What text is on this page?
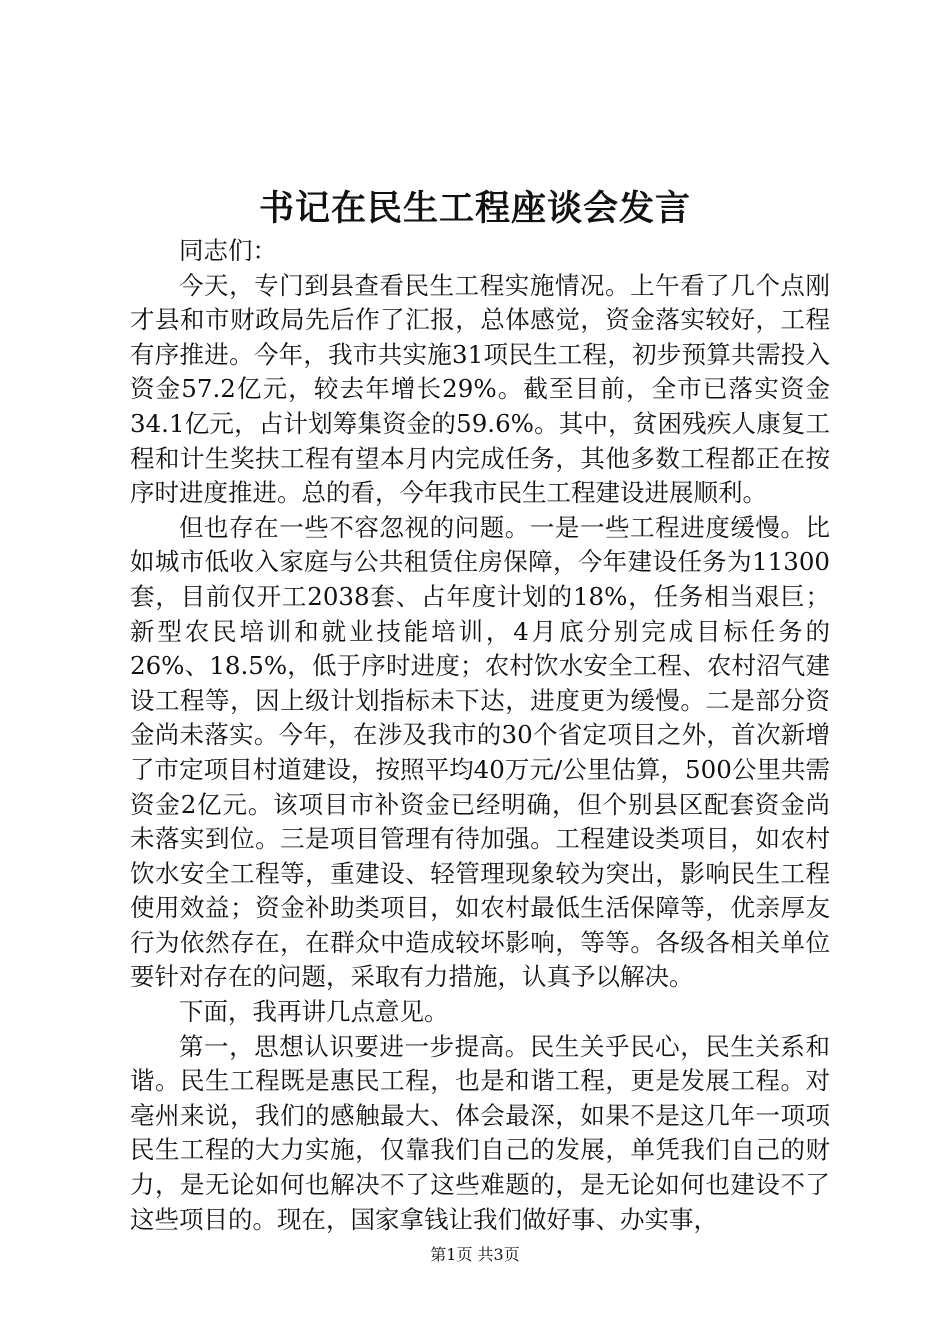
书记在民生工程座谈会发言

同志们：

今天，专门到县查看民生工程实施情况。上午看了几个点刚才县和市财政局先后作了汇报，总体感觉，资金落实较好，工程有序推进。今年，我市共实施31项民生工程，初步预算共需投入资金57.2亿元，较去年增长29%。截至目前，全市已落实资金34.1亿元，占计划筹集资金的59.6%。其中，贫困残疾人康复工程和计生奖扶工程有望本月内完成任务，其他多数工程都正在按序时进度推进。总的看，今年我市民生工程建设进展顺利。

但也存在一些不容忽视的问题。一是一些工程进度缓慢。比如城市低收入家庭与公共租赁住房保障，今年建设任务为11300套，目前仅开工2038套、占年度计划的18%，任务相当艰巨；新型农民培训和就业技能培训，4月底分别完成目标任务的26%、18.5%，低于序时进度；农村饮水安全工程、农村沼气建设工程等，因上级计划指标未下达，进度更为缓慢。二是部分资金尚未落实。今年，在涉及我市的30个省定项目之外，首次新增了市定项目村道建设，按照平均40万元/公里估算，500公里共需资金2亿元。该项目市补资金已经明确，但个别县区配套资金尚未落实到位。三是项目管理有待加强。工程建设类项目，如农村饮水安全工程等，重建设、轻管理现象较为突出，影响民生工程使用效益；资金补助类项目，如农村最低生活保障等，优亲厚友行为依然存在，在群众中造成较坏影响，等等。各级各相关单位要针对存在的问题，采取有力措施，认真予以解决。

下面，我再讲几点意见。

第一，思想认识要进一步提高。民生关乎民心，民生关系和谐。民生工程既是惠民工程，也是和谐工程，更是发展工程。对亳州来说，我们的感触最大、体会最深，如果不是这几年一项项民生工程的大力实施，仅靠我们自己的发展，单凭我们自己的财力，是无论如何也解决不了这些难题的，是无论如何也建设不了这些项目的。现在，国家拿钱让我们做好事、办实事，

第1页 共3页
